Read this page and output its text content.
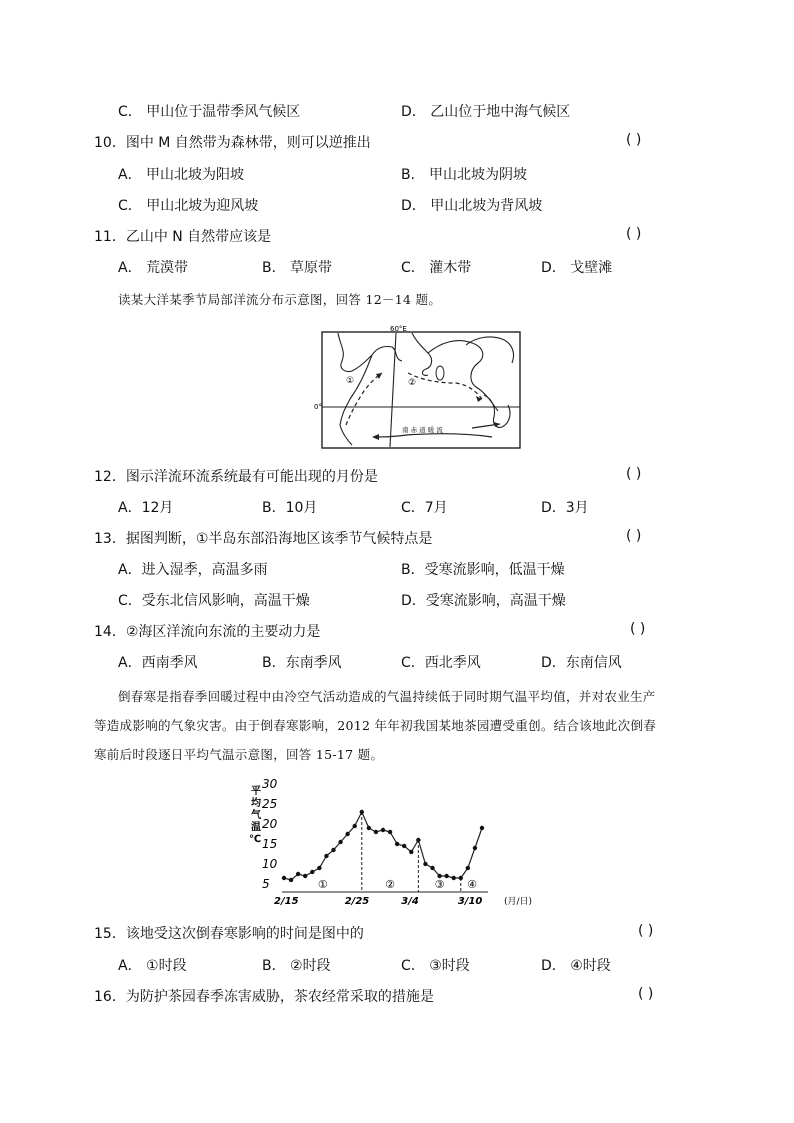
C． 甲山位于温带季风气候区	D． 乙山位于地中海气候区
10．图中 M 自然带为森林带，则可以逆推出	( )
A． 甲山北坡为阳坡	B． 甲山北坡为阴坡
C． 甲山北坡为迎风坡	D． 甲山北坡为背风坡
11．乙山中 N 自然带应该是	( )
A． 荒漠带	B． 草原带	C． 灌木带	D． 戈壁滩
读某大洋某季节局部洋流分布示意图，回答 12－14 题。
60°E
0°
①	②
南 赤 道 暖 流
12．图示洋流环流系统最有可能出现的月份是	( )
A．12月	B．10月	C．7月	D．3月
13．据图判断，①半岛东部沿海地区该季节气候特点是	( )
A．进入湿季，高温多雨	B．受寒流影响，低温干燥
C．受东北信风影响，高温干燥	D．受寒流影响，高温干燥
14．②海区洋流向东流的主要动力是	( )
A．西南季风	B．东南季风	C．西北季风	D．东南信风
倒春寒是指春季回暖过程中由冷空气活动造成的气温持续低于同时期气温平均值，并对农业生产
等造成影响的气象灾害。由于倒春寒影响，2012 年年初我国某地茶园遭受重创。结合该地此次倒春
寒前后时段逐日平均气温示意图，回答 15-17 题。
平
均
气
温
℃
30
25
20
15
10
5
2/15	2/25	3/4	3/10
①	②	③ ④
(月/日)
15．该地受这次倒春寒影响的时间是图中的	( )
A． ①时段	B． ②时段	C． ③时段	D． ④时段
16．为防护茶园春季冻害威胁，茶农经常采取的措施是	( )
